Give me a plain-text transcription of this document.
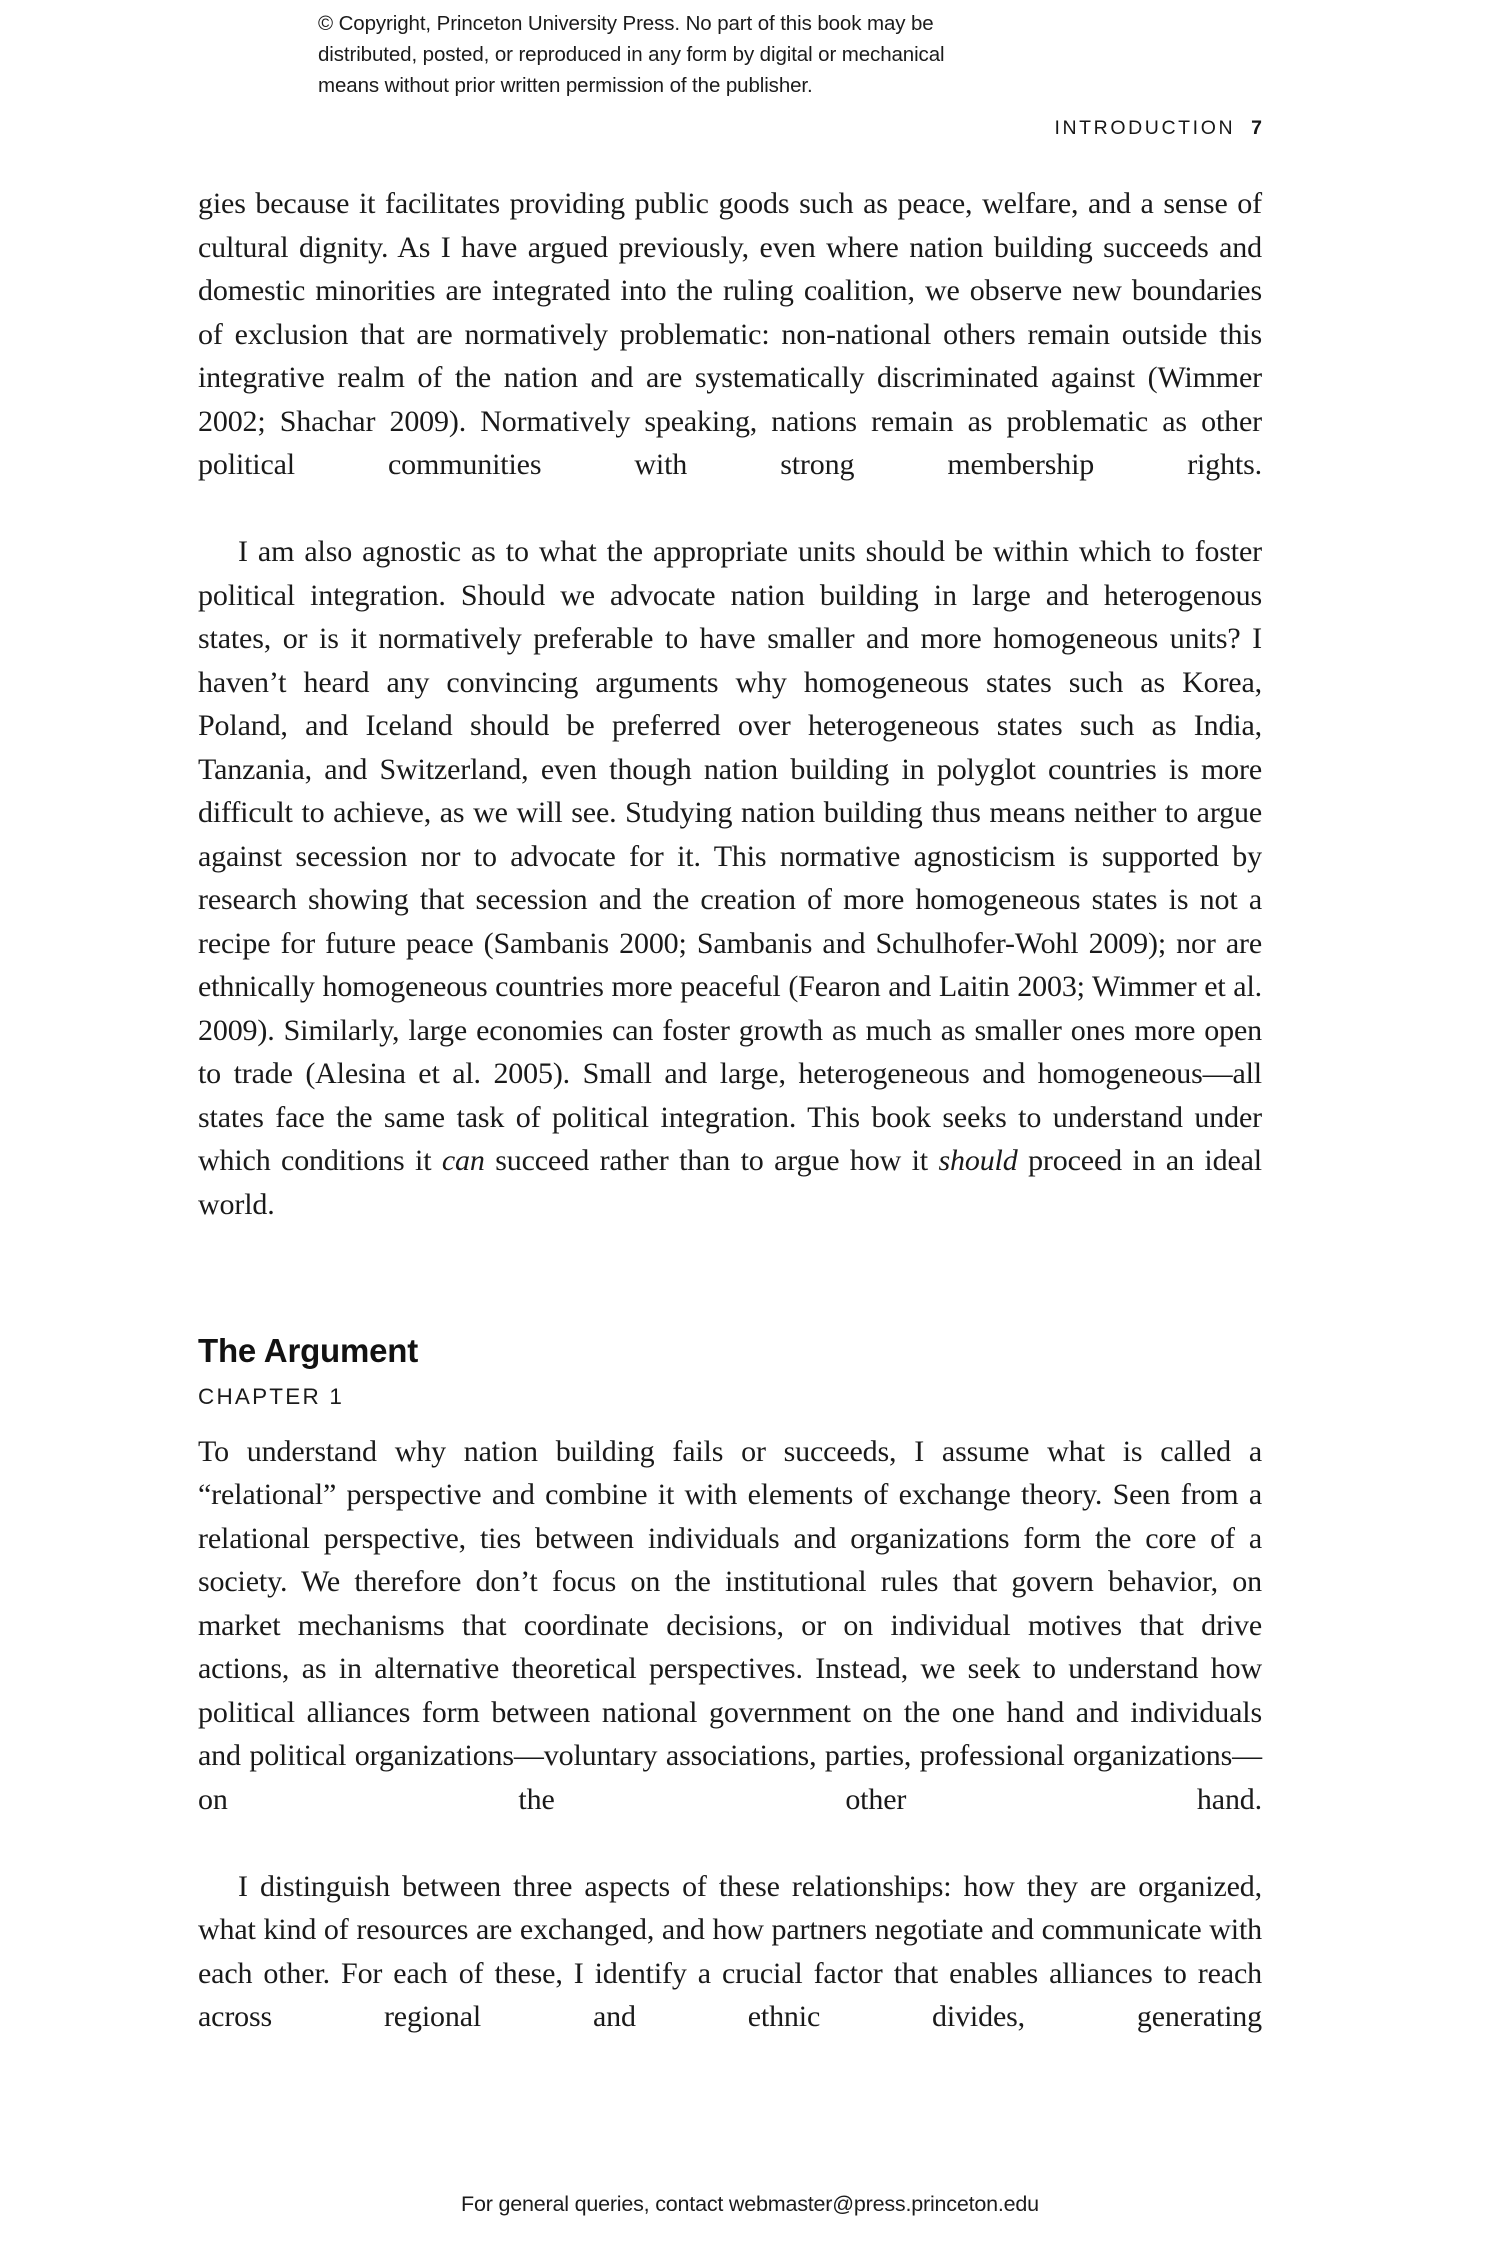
© Copyright, Princeton University Press. No part of this book may be
distributed, posted, or reproduced in any form by digital or mechanical
means without prior written permission of the publisher.
INTRODUCTION 7

gies because it facilitates providing public goods such as peace, welfare, and a sense of cultural dignity. As I have argued previously, even where nation building succeeds and domestic minorities are integrated into the ruling coalition, we observe new boundaries of exclusion that are normatively problematic: non-national others remain outside this integrative realm of the nation and are systematically discriminated against (Wimmer 2002; Shachar 2009). Normatively speaking, nations remain as problematic as other political communities with strong membership rights.

I am also agnostic as to what the appropriate units should be within which to foster political integration. Should we advocate nation building in large and heterogenous states, or is it normatively preferable to have smaller and more homogeneous units? I haven’t heard any convincing arguments why homogeneous states such as Korea, Poland, and Iceland should be preferred over heterogeneous states such as India, Tanzania, and Switzerland, even though nation building in polyglot countries is more difficult to achieve, as we will see. Studying nation building thus means neither to argue against secession nor to advocate for it. This normative agnosticism is supported by research showing that secession and the creation of more homogeneous states is not a recipe for future peace (Sambanis 2000; Sambanis and Schulhofer-Wohl 2009); nor are ethnically homogeneous countries more peaceful (Fearon and Laitin 2003; Wimmer et al. 2009). Similarly, large economies can foster growth as much as smaller ones more open to trade (Alesina et al. 2005). Small and large, heterogeneous and homogeneous—all states face the same task of political integration. This book seeks to understand under which conditions it can succeed rather than to argue how it should proceed in an ideal world.

The Argument
CHAPTER 1

To understand why nation building fails or succeeds, I assume what is called a “relational” perspective and combine it with elements of exchange theory. Seen from a relational perspective, ties between individuals and organizations form the core of a society. We therefore don’t focus on the institutional rules that govern behavior, on market mechanisms that coordinate decisions, or on individual motives that drive actions, as in alternative theoretical perspectives. Instead, we seek to understand how political alliances form between national government on the one hand and individuals and political organizations—voluntary associations, parties, professional organizations—on the other hand.

I distinguish between three aspects of these relationships: how they are organized, what kind of resources are exchanged, and how partners negotiate and communicate with each other. For each of these, I identify a crucial factor that enables alliances to reach across regional and ethnic divides, generating

For general queries, contact webmaster@press.princeton.edu
